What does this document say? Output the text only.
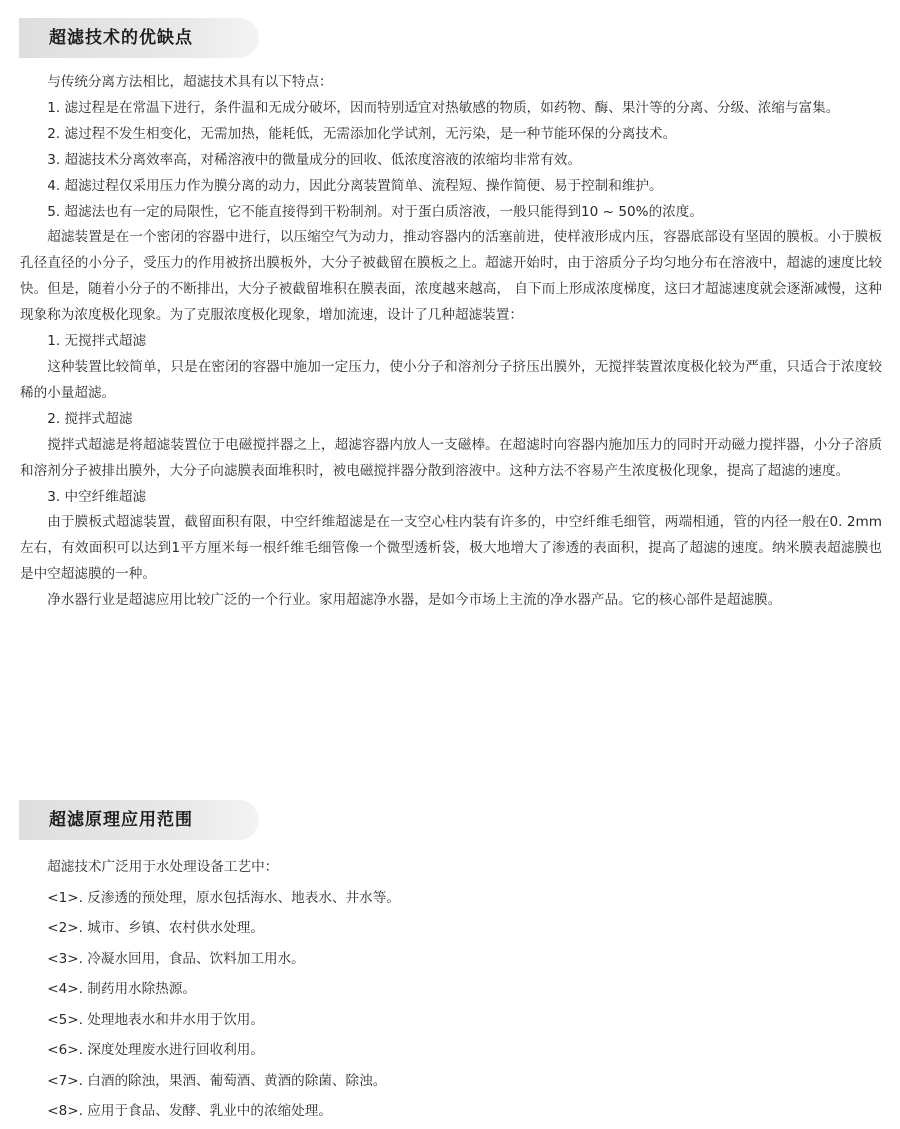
超滤技术的优缺点

与传统分离方法相比，超滤技术具有以下特点：

1. 滤过程是在常温下进行，条件温和无成分破坏，因而特别适宜对热敏感的物质，如药物、酶、果汁等的分离、分级、浓缩与富集。

2. 滤过程不发生相变化，无需加热，能耗低，无需添加化学试剂，无污染，是一种节能环保的分离技术。

3. 超滤技术分离效率高，对稀溶液中的微量成分的回收、低浓度溶液的浓缩均非常有效。

4. 超滤过程仅采用压力作为膜分离的动力，因此分离装置简单、流程短、操作简便、易于控制和维护。

5. 超滤法也有一定的局限性，它不能直接得到干粉制剂。对于蛋白质溶液，一般只能得到10 ~ 50%的浓度。

超滤装置是在一个密闭的容器中进行，以压缩空气为动力，推动容器内的活塞前进，使样液形成内压，容器底部设有坚固的膜板。小于膜板孔径直径的小分子，受压力的作用被挤出膜板外，大分子被截留在膜板之上。超滤开始时，由于溶质分子均匀地分布在溶液中，超滤的速度比较快。但是，随着小分子的不断排出，大分子被截留堆积在膜表面，浓度越来越高， 自下而上形成浓度梯度，这曰才超滤速度就会逐渐减慢，这种现象称为浓度极化现象。为了克服浓度极化现象，增加流速，设计了几种超滤装置：

1. 无搅拌式超滤

这种装置比较简单，只是在密闭的容器中施加一定压力，使小分子和溶剂分子挤压出膜外，无搅拌装置浓度极化较为严重，只适合于浓度较稀的小量超滤。

2. 搅拌式超滤

搅拌式超滤是将超滤装置位于电磁搅拌器之上，超滤容器内放人一支磁棒。在超滤时向容器内施加压力的同时开动磁力搅拌器，小分子溶质和溶剂分子被排出膜外，大分子向滤膜表面堆积时，被电磁搅拌器分散到溶液中。这种方法不容易产生浓度极化现象，提高了超滤的速度。

3. 中空纤维超滤

由于膜板式超滤装置，截留面积有限，中空纤维超滤是在一支空心柱内装有许多的，中空纤维毛细管，两端相通，管的内径一般在0. 2mm左右，有效面积可以达到1平方厘米每一根纤维毛细管像一个微型透析袋，极大地增大了渗透的表面积，提高了超滤的速度。纳米膜表超滤膜也是中空超滤膜的一种。

净水器行业是超滤应用比较广泛的一个行业。家用超滤净水器，是如今市场上主流的净水器产品。它的核心部件是超滤膜。

超滤原理应用范围

超滤技术广泛用于水处理设备工艺中：

<1>. 反渗透的预处理，原水包括海水、地表水、井水等。

<2>. 城市、乡镇、农村供水处理。

<3>. 冷凝水回用，食品、饮料加工用水。

<4>. 制药用水除热源。

<5>. 处理地表水和井水用于饮用。

<6>. 深度处理废水进行回收利用。

<7>. 白酒的除浊，果酒、葡萄酒、黄酒的除菌、除浊。

<8>. 应用于食品、发酵、乳业中的浓缩处理。
